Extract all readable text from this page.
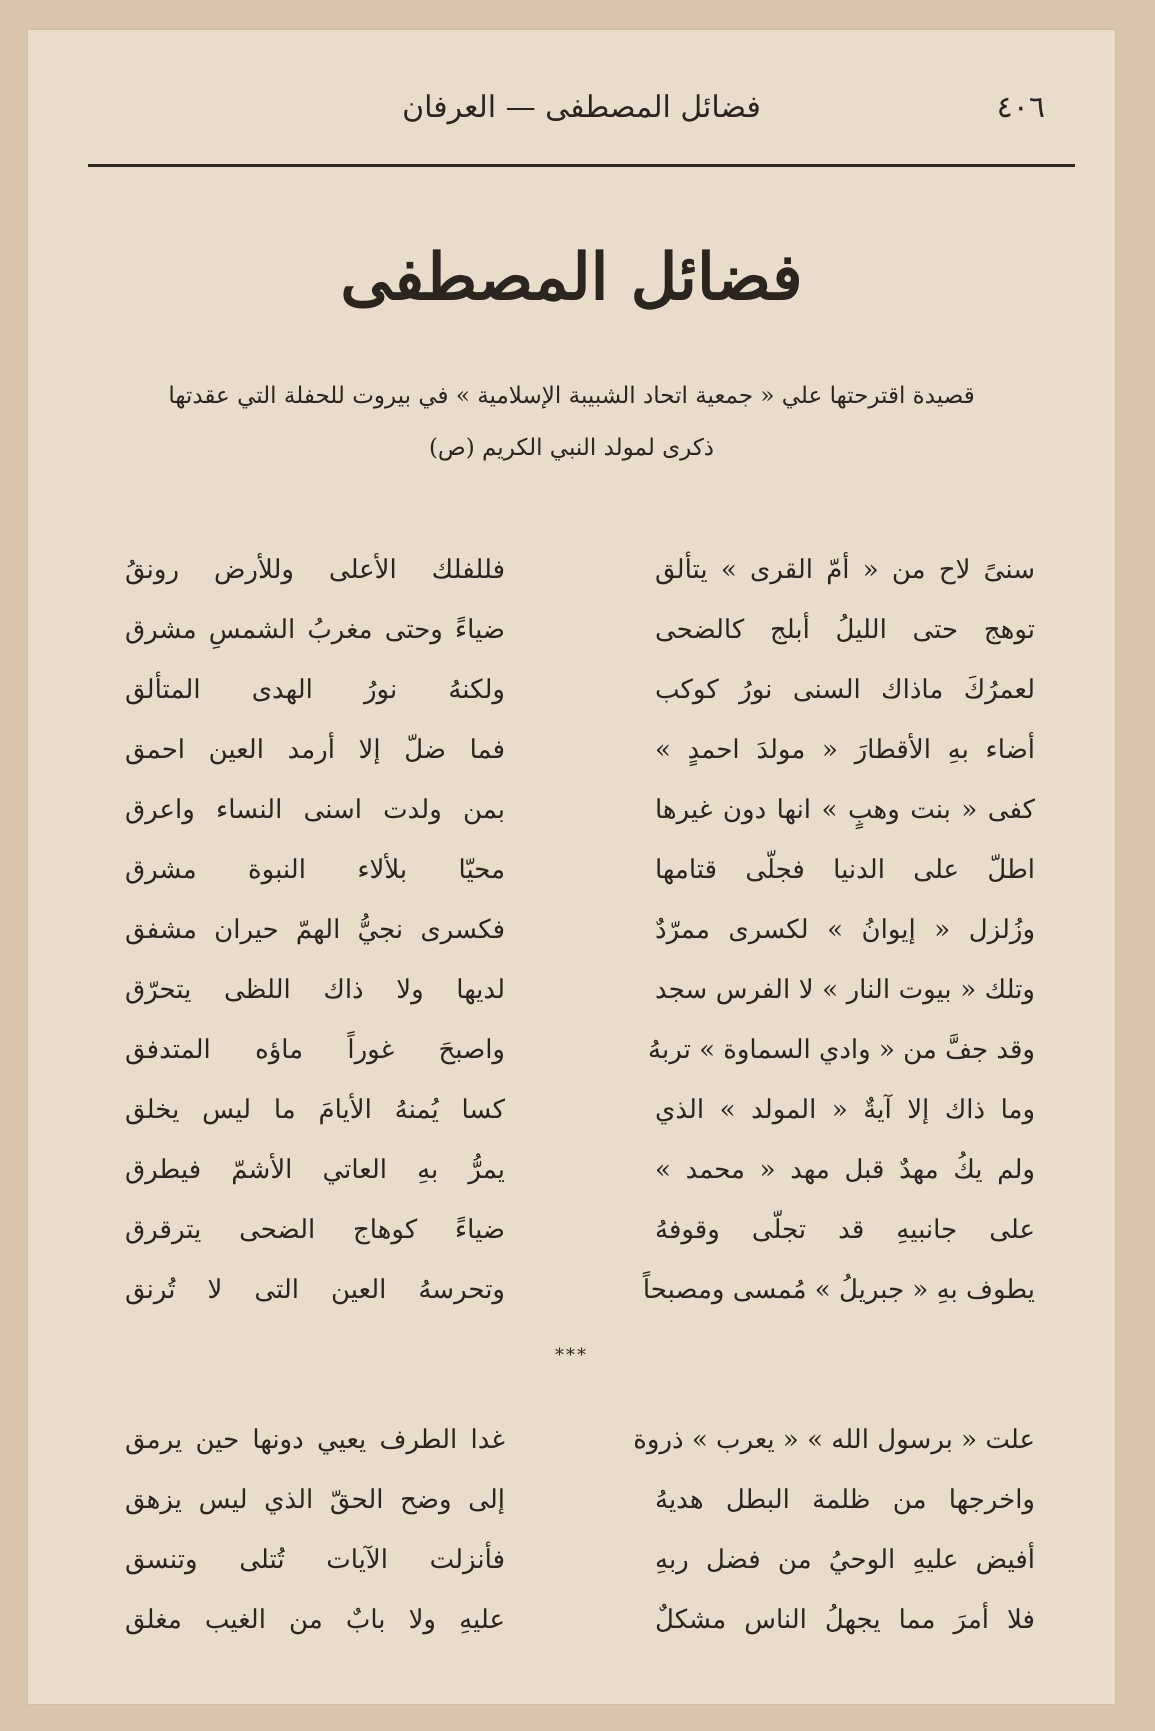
٤٠٦
فضائل المصطفى — العرفان
فضائل المصطفى
قصيدة اقترحتها علي « جمعية اتحاد الشبيبة الإسلامية » في بيروت للحفلة التي عقدتها
ذكرى لمولد النبي الكريم (ص)
سنىً لاح من « أمّ القرى » يتألق
توهج حتى الليلُ أبلج كالضحى
لعمرُكَ ماذاك السنى نورُ كوكب
أضاء بهِ الأقطارَ « مولدَ احمدٍ »
كفى « بنت وهبٍ » انها دون غيرها
اطلّ على الدنيا فجلّى قتامها
وزُلزل « إيوانُ » لكسرى ممرّدٌ
وتلك « بيوت النار » لا الفرس سجد
وقد جفَّ من « وادي السماوة » تربهُ
وما ذاك إلا آيةٌ « المولد » الذي
ولم يكُ مهدٌ قبل مهد « محمد »
على جانبيهِ قد تجلّى وقوفهُ
يطوف بهِ « جبريلُ » مُمسى ومصبحاً
فللفلك الأعلى وللأرض رونقُ
ضياءً وحتى مغربُ الشمسِ مشرق
ولكنهُ نورُ الهدى المتألق
فما ضلّ إلا أرمد العين احمق
بمن ولدت اسنى النساء واعرق
محيّا بلألاء النبوة مشرق
فكسرى نجيُّ الهمّ حيران مشفق
لديها ولا ذاك اللظى يتحرّق
واصبحَ غوراً ماؤه المتدفق
كسا يُمنهُ الأيامَ ما ليس يخلق
يمرُّ بهِ العاتي الأشمّ فيطرق
ضياءً كوهاج الضحى يترقرق
وتحرسهُ العين التى لا تُرنق
***
علت « برسول الله » « يعرب » ذروة
واخرجها من ظلمة البطل هديهُ
أفيض عليهِ الوحيُ من فضل ربهِ
فلا أمرَ مما يجهلُ الناس مشكلٌ
غدا الطرف يعيي دونها حين يرمق
إلى وضح الحقّ الذي ليس يزهق
فأنزلت الآيات تُتلى وتنسق
عليهِ ولا بابٌ من الغيب مغلق
